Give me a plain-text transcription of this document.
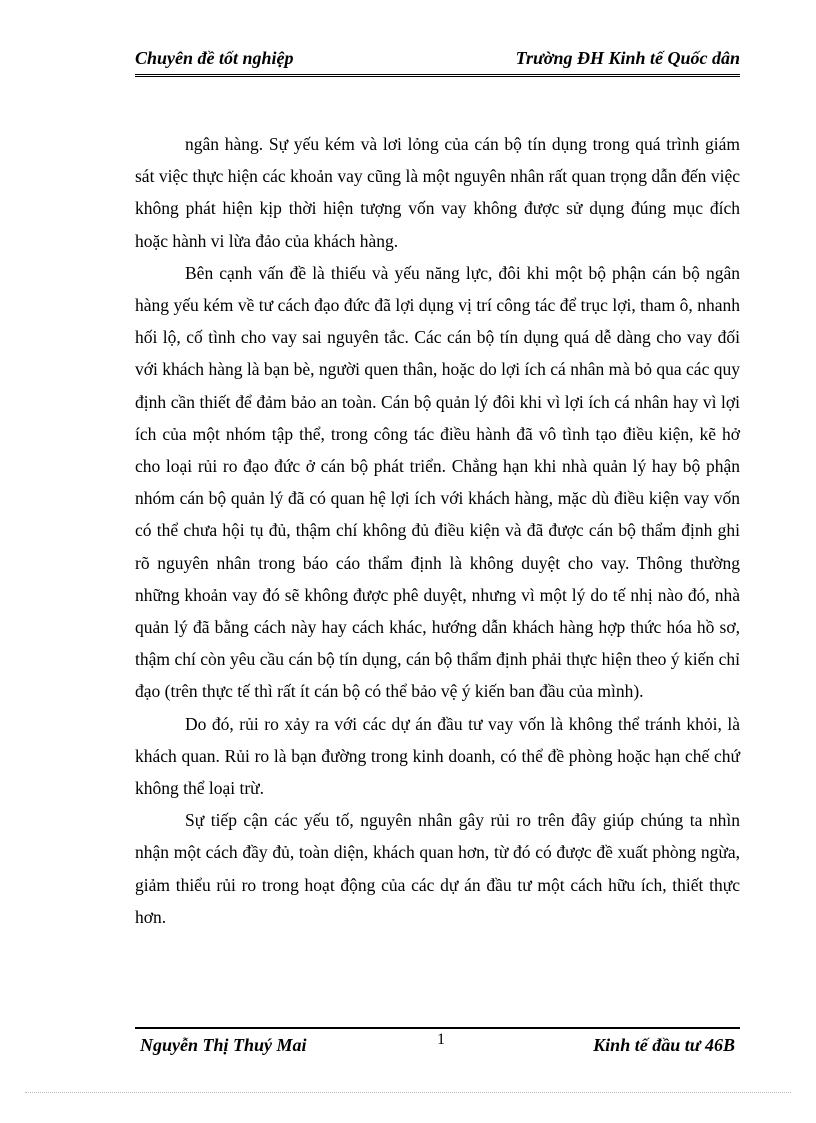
Chuyên đề tốt nghiệp	Trường ĐH Kinh tế Quốc dân

ngân hàng. Sự yếu kém và lơi lỏng của cán bộ tín dụng trong quá trình giám sát việc thực hiện các khoản vay cũng là một nguyên nhân rất quan trọng dẫn đến việc không phát hiện kịp thời hiện tượng vốn vay không được sử dụng đúng mục đích hoặc hành vi lừa đảo của khách hàng.

Bên cạnh vấn đề là thiếu và yếu năng lực, đôi khi một bộ phận cán bộ ngân hàng yếu kém về tư cách đạo đức đã lợi dụng vị trí công tác để trục lợi, tham ô, nhanh hối lộ, cố tình cho vay sai nguyên tắc. Các cán bộ tín dụng quá dễ dàng cho vay đối với khách hàng là bạn bè, người quen thân, hoặc do lợi ích cá nhân mà bỏ qua các quy định cần thiết để đảm bảo an toàn. Cán bộ quản lý đôi khi vì lợi ích cá nhân hay vì lợi ích của một nhóm tập thể, trong công tác điều hành đã vô tình tạo điều kiện, kẽ hở cho loại rủi ro đạo đức ở cán bộ phát triển. Chẳng hạn khi nhà quản lý hay bộ phận nhóm cán bộ quản lý đã có quan hệ lợi ích với khách hàng, mặc dù điều kiện vay vốn có thể chưa hội tụ đủ, thậm chí không đủ điều kiện và đã được cán bộ thẩm định ghi rõ nguyên nhân trong báo cáo thẩm định là không duyệt cho vay. Thông thường những khoản vay đó sẽ không được phê duyệt, nhưng vì một lý do tế nhị nào đó, nhà quản lý đã bằng cách này hay cách khác, hướng dẫn khách hàng hợp thức hóa hồ sơ, thậm chí còn yêu cầu cán bộ tín dụng, cán bộ thẩm định phải thực hiện theo ý kiến chỉ đạo (trên thực tế thì rất ít cán bộ có thể bảo vệ ý kiến ban đầu của mình).

Do đó, rủi ro xảy ra với các dự án đầu tư vay vốn là không thể tránh khỏi, là khách quan. Rủi ro là bạn đường trong kinh doanh, có thể đề phòng hoặc hạn chế chứ không thể loại trừ.

Sự tiếp cận các yếu tố, nguyên nhân gây rủi ro trên đây giúp chúng ta nhìn nhận một cách đầy đủ, toàn diện, khách quan hơn, từ đó có được đề xuất phòng ngừa, giảm thiểu rủi ro trong hoạt động của các dự án đầu tư một cách hữu ích, thiết thực hơn.

Nguyễn Thị Thuý Mai	1	Kinh tế đầu tư 46B
